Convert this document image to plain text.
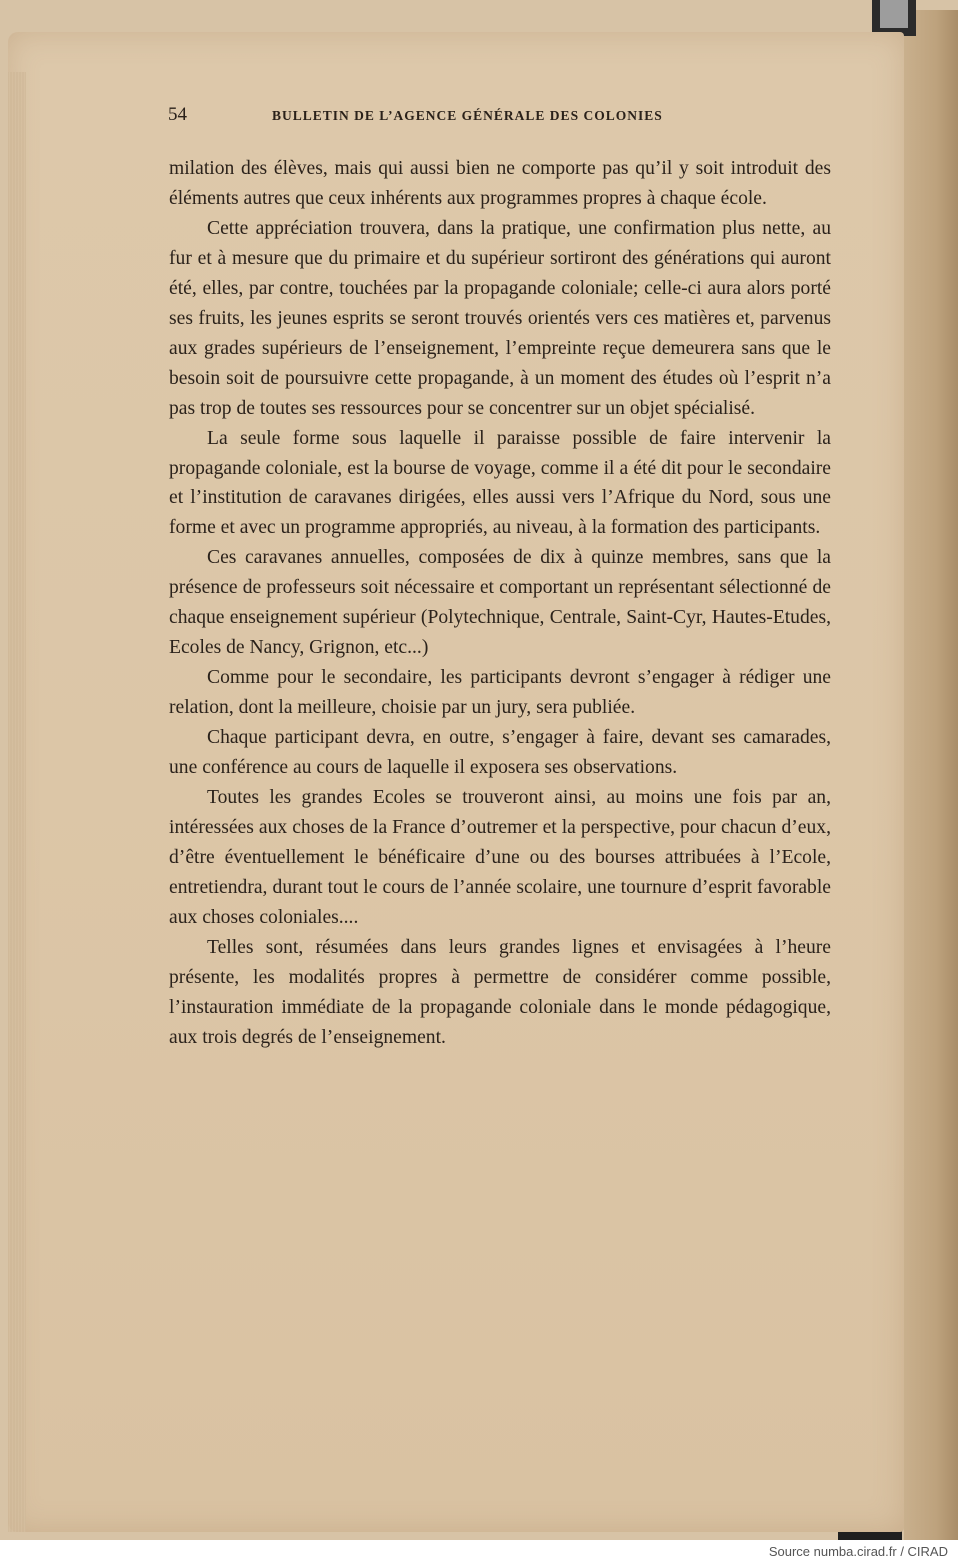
54	BULLETIN DE L’AGENCE GÉNÉRALE DES COLONIES

milation des élèves, mais qui aussi bien ne comporte pas qu’il y soit introduit des éléments autres que ceux inhérents aux programmes propres à chaque école.

Cette appréciation trouvera, dans la pratique, une confirmation plus nette, au fur et à mesure que du primaire et du supérieur sortiront des générations qui auront été, elles, par contre, touchées par la propagande coloniale; celle-ci aura alors porté ses fruits, les jeunes esprits se seront trouvés orientés vers ces matières et, parvenus aux grades supérieurs de l’enseignement, l’empreinte reçue demeurera sans que le besoin soit de poursuivre cette propagande, à un moment des études où l’esprit n’a pas trop de toutes ses ressources pour se concentrer sur un objet spécialisé.

La seule forme sous laquelle il paraisse possible de faire intervenir la propagande coloniale, est la bourse de voyage, comme il a été dit pour le secondaire et l’institution de caravanes dirigées, elles aussi vers l’Afrique du Nord, sous une forme et avec un programme appropriés, au niveau, à la formation des participants.

Ces caravanes annuelles, composées de dix à quinze membres, sans que la présence de professeurs soit nécessaire et comportant un représentant sélectionné de chaque enseignement supérieur (Polytechnique, Centrale, Saint-Cyr, Hautes-Etudes, Ecoles de Nancy, Grignon, etc...)

Comme pour le secondaire, les participants devront s’engager à rédiger une relation, dont la meilleure, choisie par un jury, sera publiée.

Chaque participant devra, en outre, s’engager à faire, devant ses camarades, une conférence au cours de laquelle il exposera ses observations.

Toutes les grandes Ecoles se trouveront ainsi, au moins une fois par an, intéressées aux choses de la France d’outremer et la perspective, pour chacun d’eux, d’être éventuellement le bénéficaire d’une ou des bourses attribuées à l’Ecole, entretiendra, durant tout le cours de l’année scolaire, une tournure d’esprit favorable aux choses coloniales....

Telles sont, résumées dans leurs grandes lignes et envisagées à l’heure présente, les modalités propres à permettre de considérer comme possible, l’instauration immédiate de la propagande coloniale dans le monde pédagogique, aux trois degrés de l’enseignement.

Source numba.cirad.fr / CIRAD
